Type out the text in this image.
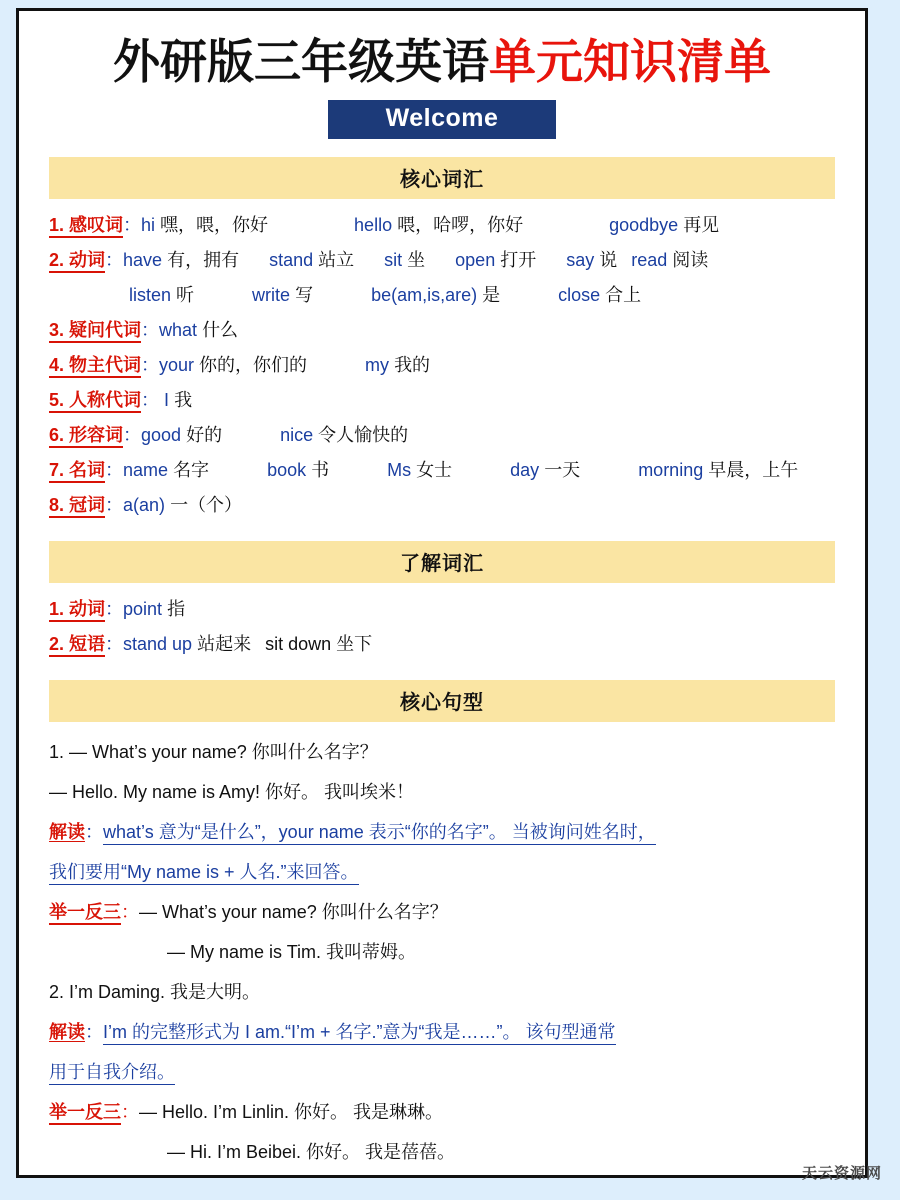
外研版三年级英语单元知识清单
Welcome
核心词汇
1. 感叹词：hi 嘿，喂，你好	hello 喂，哈啰，你好	goodbye 再见
2. 动词：have 有，拥有 stand 站立 sit 坐 open 打开 say 说 read 阅读
listen 听	write 写	be(am,is,are) 是	close 合上
3. 疑问代词：what 什么
4. 物主代词：your 你的，你们的	my 我的
5. 人称代词： I 我
6. 形容词：good 好的	nice 令人愉快的
7. 名词：name 名字	book 书	Ms 女士	day 一天	morning 早晨，上午
8. 冠词：a(an) 一（个）
了解词汇
1. 动词：point 指
2. 短语：stand up 站起来 sit down 坐下
核心句型
1. — What’s your name? 你叫什么名字？
— Hello. My name is Amy! 你好。 我叫埃米！
解读：what’s 意为“是什么”，your name 表示“你的名字”。 当被询问姓名时，
我们要用“My name is + 人名.”来回答。
举一反三：— What’s your name? 你叫什么名字？
— My name is Tim. 我叫蒂姆。
2. I’m Daming. 我是大明。
解读：I’m 的完整形式为 I am.“I’m + 名字.”意为“我是……”。 该句型通常
用于自我介绍。
举一反三：— Hello. I’m Linlin. 你好。 我是琳琳。
— Hi. I’m Beibei. 你好。 我是蓓蓓。
天云资源网
